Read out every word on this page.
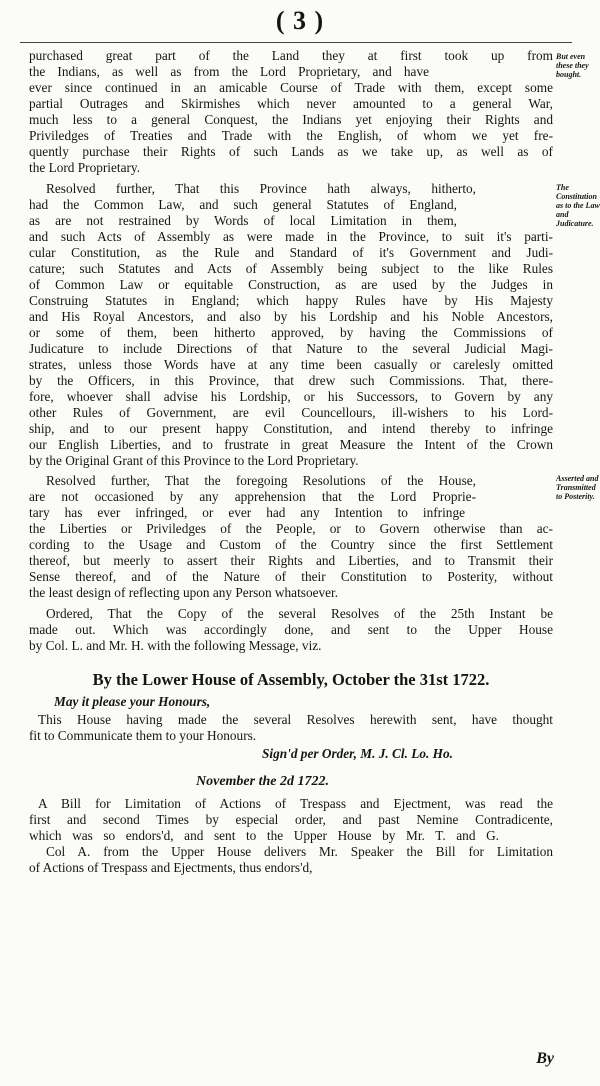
( 3 )

purchased great part of the Land they at first took up from

the Indians, as well as from the Lord Proprietary, and have

ever since continued in an amicable Course of Trade with them, except some

partial Outrages and Skirmishes which never amounted to a general War,

much less to a general Conquest, the Indians yet enjoying their Rights and

Priviledges of Treaties and Trade with the English, of whom we yet fre-

quently purchase their Rights of such Lands as we take up, as well as of

the Lord Proprietary.

Resolved further, That this Province hath always, hitherto,

had the Common Law, and such general Statutes of England,

as are not restrained by Words of local Limitation in them,

and such Acts of Assembly as were made in the Province, to suit it's parti-

cular Constitution, as the Rule and Standard of it's Government and Judi-

cature; such Statutes and Acts of Assembly being subject to the like Rules

of Common Law or equitable Construction, as are used by the Judges in

Construing Statutes in England; which happy Rules have by His Majesty

and His Royal Ancestors, and also by his Lordship and his Noble Ancestors,

or some of them, been hitherto approved, by having the Commissions of

Judicature to include Directions of that Nature to the several Judicial Magi-

strates, unless those Words have at any time been casually or carelesly omitted

by the Officers, in this Province, that drew such Commissions. That, there-

fore, whoever shall advise his Lordship, or his Successors, to Govern by any

other Rules of Government, are evil Councellours, ill-wishers to his Lord-

ship, and to our present happy Constitution, and intend thereby to infringe

our English Liberties, and to frustrate in great Measure the Intent of the Crown

by the Original Grant of this Province to the Lord Proprietary.

Resolved further, That the foregoing Resolutions of the House,

are not occasioned by any apprehension that the Lord Proprie-

tary has ever infringed, or ever had any Intention to infringe

the Liberties or Priviledges of the People, or to Govern otherwise than ac-

cording to the Usage and Custom of the Country since the first Settlement

thereof, but meerly to assert their Rights and Liberties, and to Transmit their

Sense thereof, and of the Nature of their Constitution to Posterity, without

the least design of reflecting upon any Person whatsoever.

Ordered, That the Copy of the several Resolves of the 25th Instant be

made out. Which was accordingly done, and sent to the Upper House

by Col. L. and Mr. H. with the following Message, viz.

By the Lower House of Assembly, October the 31st 1722.

May it please your Honours,

This House having made the several Resolves herewith sent, have thought

fit to Communicate them to your Honours.

Sign'd per Order, M. J. Cl. Lo. Ho.

November the 2d 1722.

A Bill for Limitation of Actions of Trespass and Ejectment, was read the

first and second Times by especial order, and past Nemine Contradicente,

which was so endors'd, and sent to the Upper House by Mr. T. and G.

Col A. from the Upper House delivers Mr. Speaker the Bill for Limitation

of Actions of Trespass and Ejectments, thus endors'd,

By

But even these they bought.

The Constitution as to the Law and Judicature.

Asserted and Transmitted to Posterity.
